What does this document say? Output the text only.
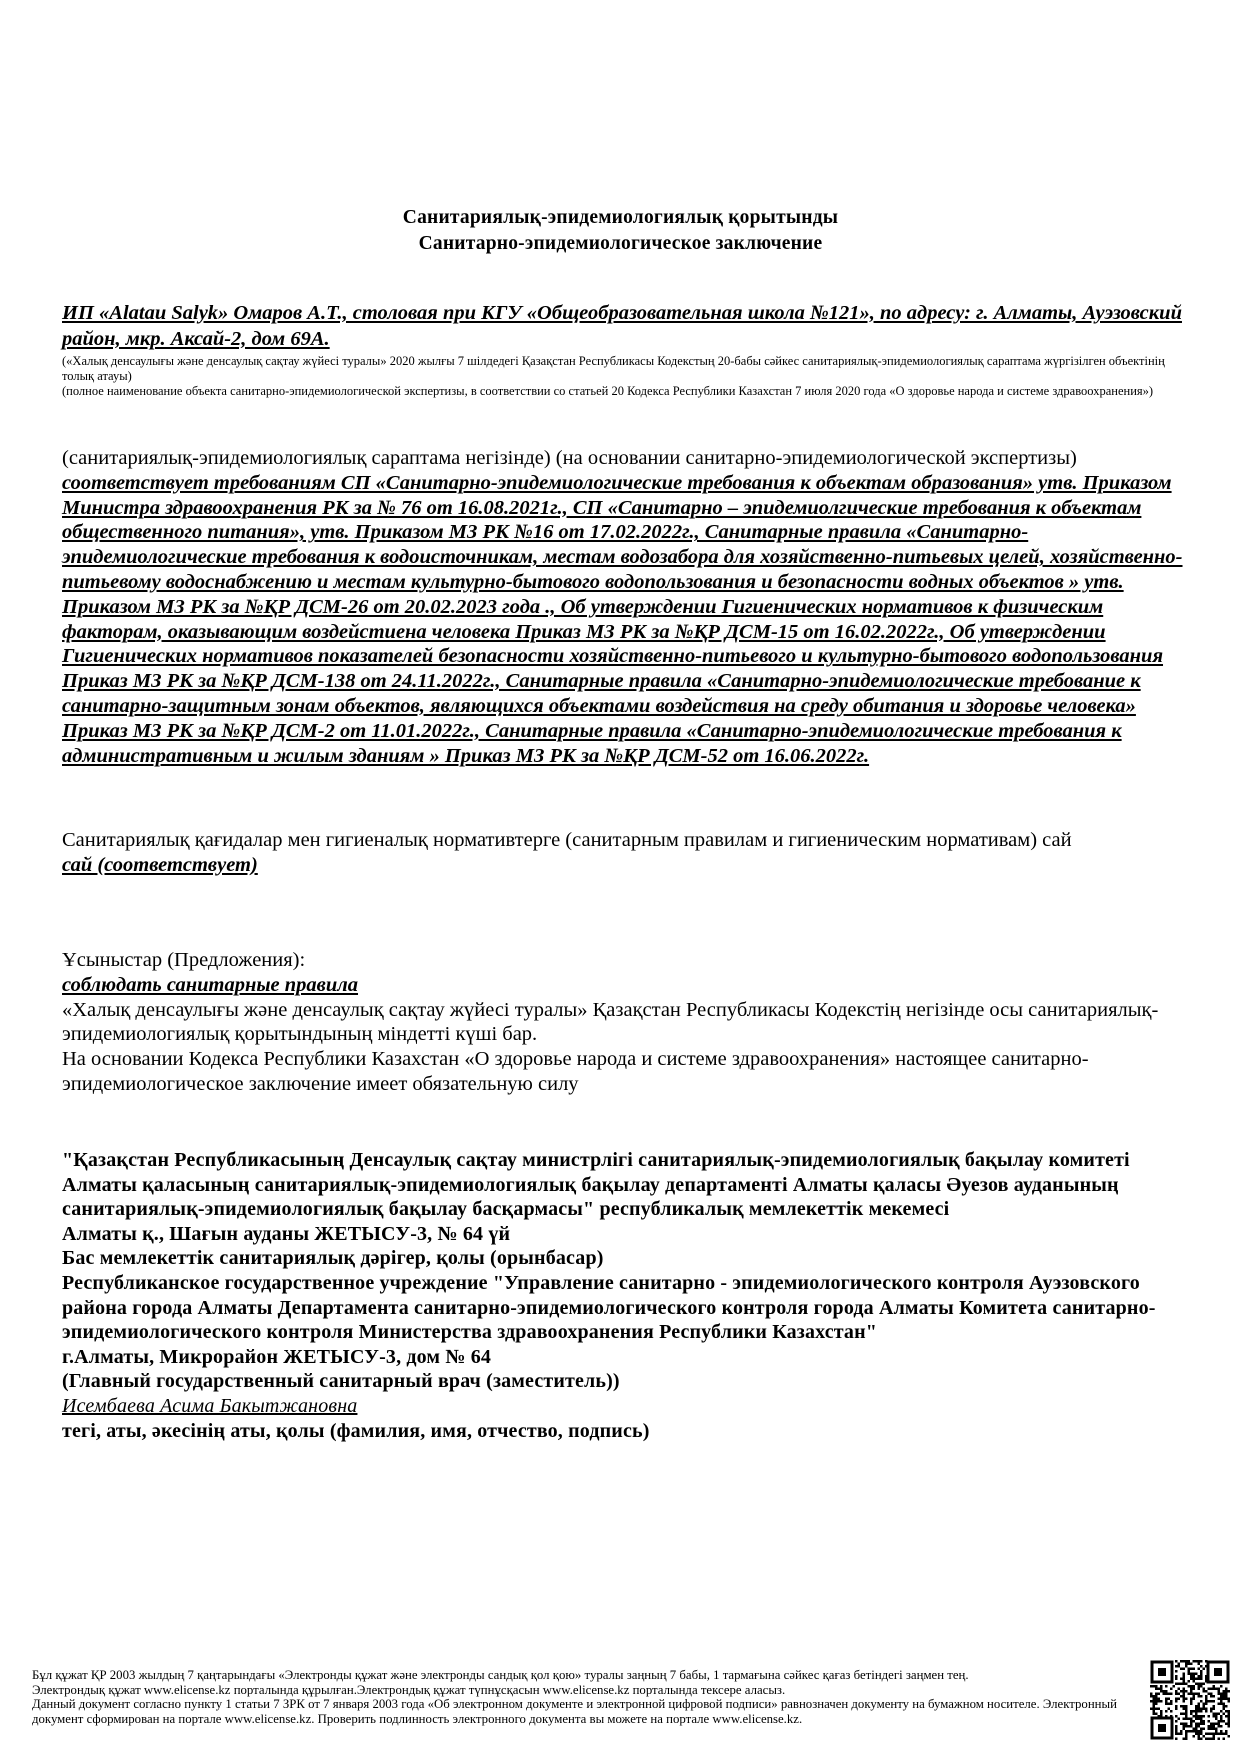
Санитариялық-эпидемиологиялық қорытынды
Санитарно-эпидемиологическое заключение
ИП «Alatau Salyk» Омаров А.Т., столовая при КГУ «Общеобразовательная школа №121», по адресу: г. Алматы, Ауэзовский район, мкр. Аксай-2, дом 69А.
(«Халық денсаулығы және денсаулық сақтау жүйесі туралы» 2020 жылғы 7 шілдедегі Қазақстан Республикасы Кодекстың 20-бабы сәйкес санитариялық-эпидемиологиялық сараптама жүргізілген объектінің толық атауы)
(полное наименование объекта санитарно-эпидемиологической экспертизы, в соответствии со статьей 20 Кодекса Республики Казахстан 7 июля 2020 года «О здоровье народа и системе здравоохранения»)
(санитариялық-эпидемиологиялық сараптама негізінде) (на основании санитарно-эпидемиологической экспертизы)
соответствует требованиям СП «Санитарно-эпидемиологические требования к объектам образования» утв. Приказом Министра здравоохранения РК за № 76 от 16.08.2021г., СП «Санитарно – эпидемиолгические требования к объектам общественного питания», утв. Приказом МЗ РК №16 от 17.02.2022г., Санитарные правила «Санитарно-эпидемиологические требования к водоисточникам, местам водозабора для хозяйственно-питьевых целей, хозяйственно-питьевому водоснабжению и местам культурно-бытового водопользования и безопасности водных объектов » утв. Приказом МЗ РК за №ҚР ДСМ-26 от 20.02.2023 года ., Об утверждении Гигиенических нормативов к физическим факторам, оказывающим воздейстиена человека Приказ МЗ РК за №ҚР ДСМ-15 от 16.02.2022г., Об утверждении Гигиенических нормативов показателей безопасности хозяйственно-питьевого и культурно-бытового водопользования Приказ МЗ РК за №ҚР ДСМ-138 от 24.11.2022г., Санитарные правила «Санитарно-эпидемиологические требование к санитарно-защитным зонам объектов, являющихся объектами воздействия на среду обитания и здоровье человека» Приказ МЗ РК за №ҚР ДСМ-2 от 11.01.2022г., Санитарные правила «Санитарно-эпидемиологические требования к административным и жилым зданиям » Приказ МЗ РК за №ҚР ДСМ-52 от 16.06.2022г.
Санитариялық қағидалар мен гигиеналық нормативтерге (санитарным правилам и гигиеническим нормативам) сай
сай (соответствует)
Ұсыныстар (Предложения):
соблюдать санитарные правила
«Халық денсаулығы және денсаулық сақтау жүйесі туралы» Қазақстан Республикасы Кодекстің негізінде осы санитариялық-эпидемиологиялық қорытындының міндетті күші бар.
На основании Кодекса Республики Казахстан «О здоровье народа и системе здравоохранения» настоящее санитарно-эпидемиологическое заключение имеет обязательную силу
"Қазақстан Республикасының Денсаулық сақтау министрлігі санитариялық-эпидемиологиялық бақылау комитеті Алматы қаласының санитариялық-эпидемиологиялық бақылау департаменті Алматы қаласы Әуезов ауданының санитариялық-эпидемиологиялық бақылау басқармасы" республикалық мемлекеттік мекемесі
Алматы қ., Шағын ауданы ЖЕТЫСУ-3, № 64 үй
Бас мемлекеттік санитариялық дәрігер, қолы (орынбасар)
Республиканское государственное учреждение "Управление санитарно - эпидемиологического контроля Ауэзовского района города Алматы Департамента санитарно-эпидемиологического контроля города Алматы Комитета санитарно-эпидемиологического контроля Министерства здравоохранения Республики Казахстан"
г.Алматы, Микрорайон ЖЕТЫСУ-3, дом № 64
(Главный государственный санитарный врач (заместитель))
Исембаева Асима Бакытжановна
тегі, аты, әкесінің аты, қолы (фамилия, имя, отчество, подпись)
Бұл құжат ҚР 2003 жылдың 7 қаңтарындағы «Электронды құжат және электронды сандық қол қою» туралы заңның 7 бабы, 1 тармағына сәйкес қағаз бетіндегі заңмен тең.
Электрондық құжат www.elicense.kz порталында құрылған.Электрондық құжат түпнұсқасын www.elicense.kz порталында тексере аласыз.
Данный документ согласно пункту 1 статьи 7 ЗРК от 7 января 2003 года «Об электронном документе и электронной цифровой подписи» равнозначен документу на бумажном носителе. Электронный документ сформирован на портале www.elicense.kz. Проверить подлинность электронного документа вы можете на портале www.elicense.kz.
